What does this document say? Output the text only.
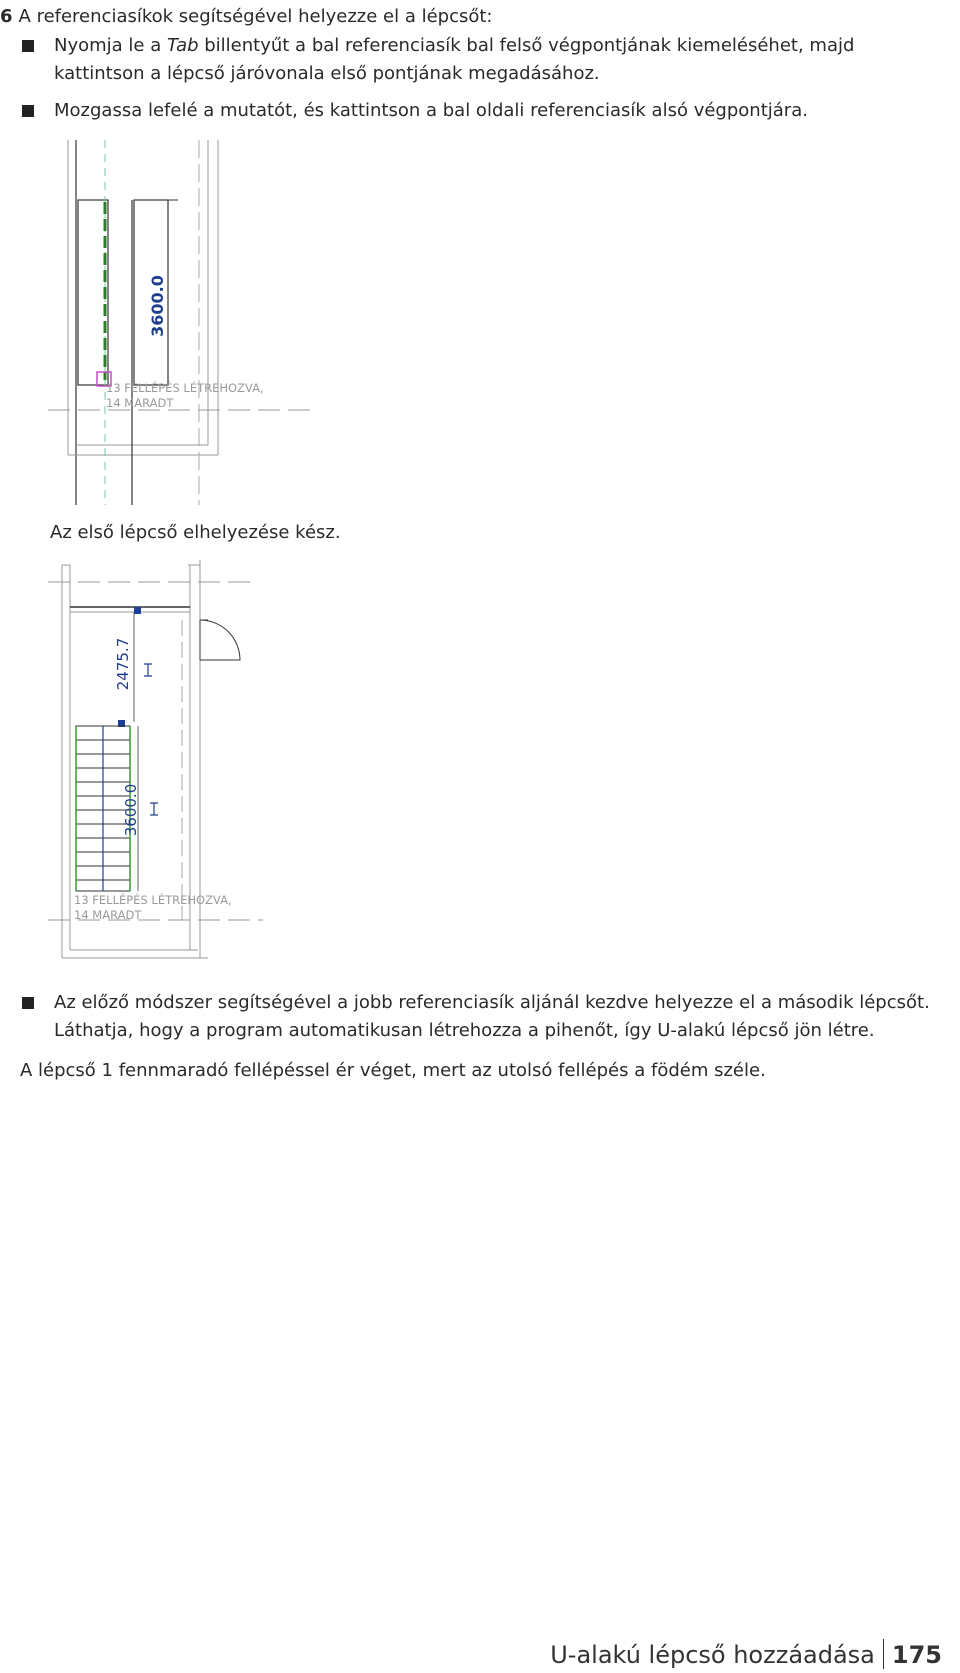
6 A referenciasíkok segítségével helyezze el a lépcsőt:
Nyomja le a Tab billentyűt a bal referenciasík bal felső végpontjának kiemeléséhet, majd kattintson a lépcső járóvonala első pontjának megadásához.
Mozgassa lefelé a mutatót, és kattintson a bal oldali referenciasík alsó végpontjára.
3600.0
13 FELLÉPÉS LÉTREHOZVA,
14 MARADT
Az első lépcső elhelyezése kész.
2475.7
3600.0
13 FELLÉPÉS LÉTREHOZVA,
14 MARADT
Az előző módszer segítségével a jobb referenciasík aljánál kezdve helyezze el a második lépcsőt. Láthatja, hogy a program automatikusan létrehozza a pihenőt, így U-alakú lépcső jön létre.
A lépcső 1 fennmaradó fellépéssel ér véget, mert az utolsó fellépés a födém széle.
U-alakú lépcső hozzáadása 175
